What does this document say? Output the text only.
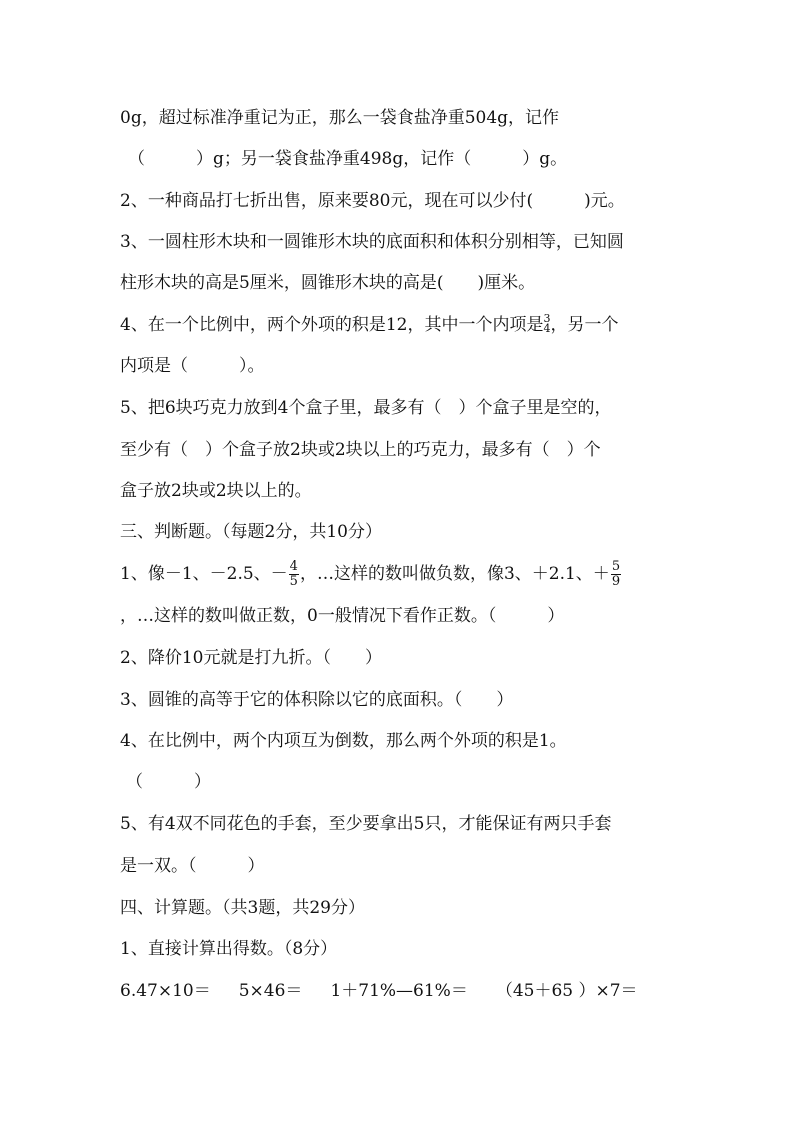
0g，超过标准净重记为正，那么一袋食盐净重504g，记作
（　　　）g；另一袋食盐净重498g，记作（　　　）g。
2、一种商品打七折出售，原来要80元，现在可以少付(　　　)元。
3、一圆柱形木块和一圆锥形木块的底面积和体积分别相等，已知圆
柱形木块的高是5厘米，圆锥形木块的高是(　　)厘米。
4、在一个比例中，两个外项的积是12，其中一个内项是 3
4 ，另一个
内项是（　　　）。
5、把6块巧克力放到4个盒子里，最多有（　）个盒子里是空的，
至少有（　）个盒子放2块或2块以上的巧克力，最多有（　）个
盒子放2块或2块以上的。
三、判断题。（每题2分，共10分）
1、像－1、－2.5、－ $\frac{4}{5}$ ，…这样的数叫做负数，像3、＋2.1、＋ $\frac{5}{9}$
，…这样的数叫做正数，0一般情况下看作正数。（　　　）
2、降价10元就是打九折。（　　）
3、圆锥的高等于它的体积除以它的底面积。（　　）
4、在比例中，两个内项互为倒数，那么两个外项的积是1。
（　　　）
5、有4双不同花色的手套，至少要拿出5只，才能保证有两只手套
是一双。（　　　）
四、计算题。（共3题，共29分）
1、直接计算出得数。（8分）
6.47×10＝ 5×46＝ 1＋71%—61%＝ （45＋65 ）×7＝
